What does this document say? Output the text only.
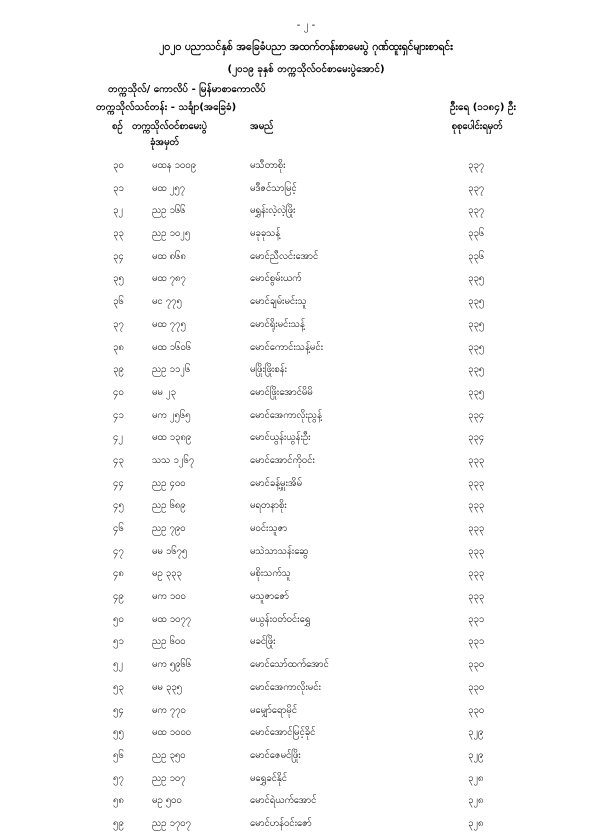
- ၂ -
၂၀၂၀ ပညာသင်နှစ် အခြေခံပညာ အထက်တန်းစာမေးပွဲ ဂုဏ်ထူးရှင်များစာရင်း
(၂၀၁၉ ခုနှစ် တက္ကသိုလ်ဝင်စာမေးပွဲအောင်)
တက္ကသိုလ်/ ကောလိပ် - မြန်မာစာကောလိပ်
တက္ကသိုလ်သင်တန်း - သင်္ချာ(အခြေခံ)	ဦးရေ (၁၁၈၄) ဦး
စဉ် တက္ကသိုလ်ဝင်စာမေးပွဲ
ခုံအမှတ်
အမည်	စုစုပေါင်းရမှတ်
၃၀	မထန ၁၀၀၉	မသီတာစိုး	၃၃၇
၃၁	မထ ၂၅၇	မဒီဇင်သာမြင့်	၃၃၇
၃၂	ညဥ ၁၆၆	မရွှန်းလဲ့လဲ့ဖြိုး	၃၃၇
၃၃	ညဥ ၁၀၂၅	မခုခုသန့်	၃၃၆
၃၄	မထ ၈၆၈	မောင်ညီလင်းအောင်	၃၃၆
၃၅	မထ ၇၈၇	မောင်စွမ်းယက်	၃၃၅
၃၆	မင ၇၇၅	မောင်ချမ်းမင်းသူ	၃၃၅
၃၇	မထ ၇၇၅	မောင်ရိုးမင်းသန့်	၃၃၅
၃၈	မထ ၁၆၀၆	မောင်ကောင်းသန့်မင်း	၃၃၅
၃၉	ညဥ ၁၁၂၆	မဖြိုးဖြိုးစန်း	၃၃၅
၄၀	မမ ၂၃	မောင်ဖြိုးအောင်မိမိ	၃၃၅
၄၁	မက ၂၅၆၅	မောင်အေကာလိုးညွန့်	၃၃၄
၄၂	မထ ၁၃၈၉	မောင်ယွန်းယွန်းဦး	၃၃၄
၄၃	သသ ၁၂၆၇	မောင်အောင်ကိုဝင်း	၃၃၃
၄၄	ညဥ ၄၀၀	မောင်ခန့်မှူးအိမ်	၃၃၃
၄၅	ညဥ ၆၈၉	မရတနာစိုး	၃၃၃
၄၆	ညဥ ၇၉၀	မဝင်းသူဇာ	၃၃၃
၄၇	မမ ၁၆၇၅	မသဲသာသန်းဆွေ	၃၃၃
၄၈	မဥ ၃၃၃	မစိုးသက်သူ	၃၃၃
၄၉	မက ၁၀၀	မသူဇာဇော်	၃၃၃
၅၀	မထ ၁၀၇၇	မယွန်းဝတ်ဝင်းရွှေ	၃၃၁
၅၁	ညဥ ၆၀၀	မခင်ဖြိုး	၃၃၁
၅၂	မက ၅၉၆၆	မောင်သော်ထက်အောင်	၃၃၀
၅၃	မမ ၃၃၅	မောင်အေကာလိုးမင်း	၃၃၀
၅၄	မက ၇၇၀	မမျှော်ရောမိုင်	၃၃၀
၅၅	မထ ၁၀၀၀	မောင်အောင်မြင့်ခိုင်	၃၂၉
၅၆	ညဥ ၃၅၀	မောင်ဇေမင်ဖြိုး	၃၂၉
၅၇	ညဥ ၁၀၇	မရွှေခင်နိုင်	၃၂၈
၅၈	မဥ ၅၀၀	မောင်ရဲယက်အောင်	၃၂၈
၅၉	ညဥ ၁၇၀၇	မောင်ဟန်ဝင်းဇော်	၃၂၈
